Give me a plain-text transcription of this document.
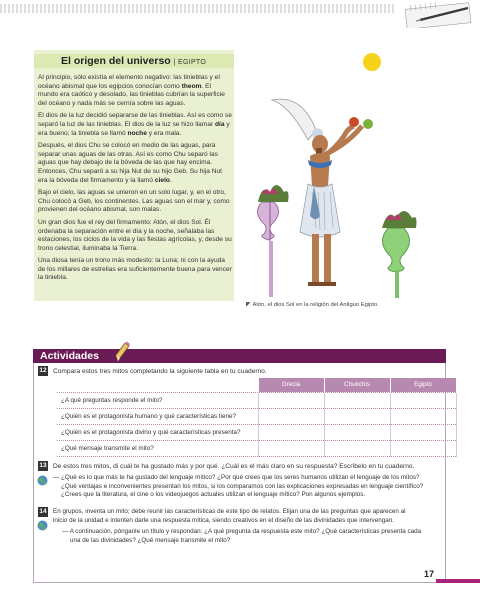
El origen del universo | EGIPTO

Al principio, sólo existía el elemento negativo: las tinieblas y el océano abismal que los egipcios conocían como theom. El mundo era caótico y desolado, las tinieblas cubrían la superficie del océano y nada más se cernía sobre las aguas.

El dios de la luz decidió separarse de las tinieblas. Así es como se separó la luz de las tinieblas. El dios de la luz se hizo llamar día y era bueno; la tiniebla se llamó noche y era mala.

Después, el dios Chu se colocó en medio de las aguas, para separar unas aguas de las otras. Así es como Chu separó las aguas que hay debajo de la bóveda de las que hay encima. Entonces, Chu separó a su hija Nut de su hijo Geb. Su hija Nut era la bóveda del firmamento y la llamó cielo.

Bajo el cielo, las aguas se unieron en un solo lugar, y, en el otro, Chu colocó a Geb, los continentes. Las aguas son el mar y, como provienen del océano abismal, son malas.

Un gran dios fue el rey del firmamento: Atón, el dios Sol. Él ordenaba la separación entre el día y la noche, señalaba las estaciones, los ciclos de la vida y las fiestas agrícolas, y, desde su trono celestial, iluminaba la Tierra.

Una diosa tenía un trono más modesto: la Luna; ni con la ayuda de los millares de estrellas era suficientemente buena para vencer la tiniebla.

◤ Atón, el dios Sol en la religión del Antiguo Egipto.
Actividades
12 Compara estos tres mitos completando la siguiente tabla en tu cuaderno.
	Grecia	Chukchis	Egipto
¿A qué preguntas responde el mito?			
¿Quién es el protagonista humano y qué características tiene?			
¿Quién es el protagonista divino y qué características presenta?			
¿Qué mensaje transmite el mito?			
13 De estos tres mitos, di cuál te ha gustado más y por qué. ¿Cuál es el más claro en su respuesta? Escríbelo en tu cuaderno.
— ¿Qué es lo que más te ha gustado del lenguaje mítico? ¿Por qué crees que los seres humanos utilizan el lenguaje de los mitos?
¿Qué ventajas e inconvenientes presentan los mitos, si los comparamos con las explicaciones expresadas en lenguaje científico?
¿Crees que la literatura, el cine o los videojuegos actuales utilizan el lenguaje mítico? Pon algunos ejemplos.
14 En grupos, inventa un mito; debe reunir las características de este tipo de relatos. Elijan una de las preguntas que aparecen al
inicio de la unidad e intenten darle una respuesta mítica, siendo creativos en el diseño de las divinidades que intervengan.
— A continuación, pónganle un título y respondan: ¿A qué pregunta da respuesta este mito? ¿Qué características presenta cada
una de las divinidades? ¿Qué mensaje transmite el mito?
17
